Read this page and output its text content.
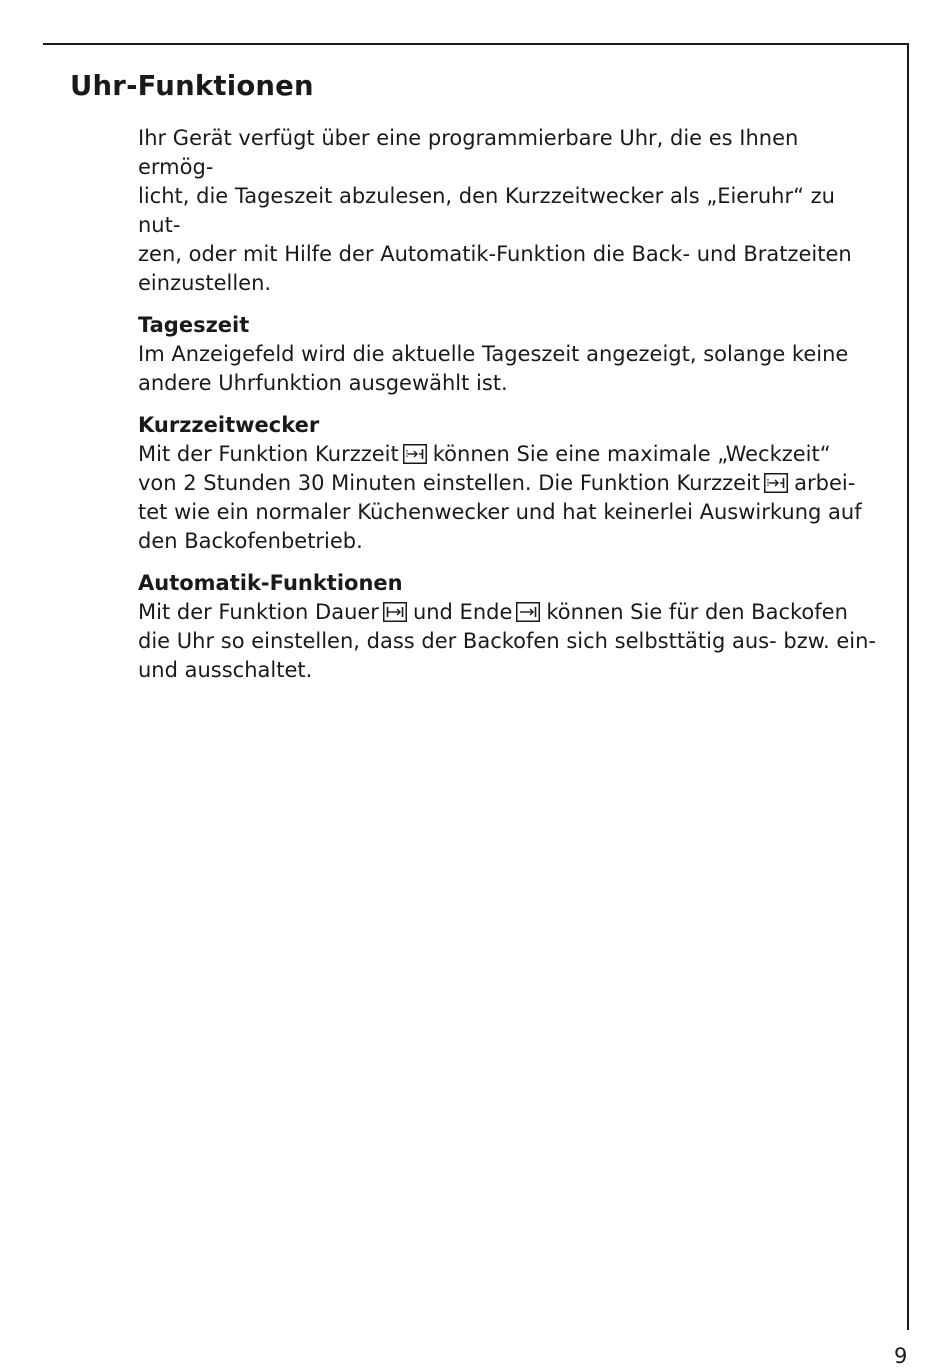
Uhr-Funktionen

Ihr Gerät verfügt über eine programmierbare Uhr, die es Ihnen ermög-
licht, die Tageszeit abzulesen, den Kurzzeitwecker als „Eieruhr“ zu nut-
zen, oder mit Hilfe der Automatik-Funktion die Back- und Bratzeiten
einzustellen.

Tageszeit

Im Anzeigefeld wird die aktuelle Tageszeit angezeigt, solange keine
andere Uhrfunktion ausgewählt ist.

Kurzzeitwecker

Mit der Funktion Kurzzeit können Sie eine maximale „Weckzeit“
von 2 Stunden 30 Minuten einstellen. Die Funktion Kurzzeit arbei-
tet wie ein normaler Küchenwecker und hat keinerlei Auswirkung auf
den Backofenbetrieb.

Automatik-Funktionen

Mit der Funktion Dauer und Ende können Sie für den Backofen
die Uhr so einstellen, dass der Backofen sich selbsttätig aus- bzw. ein-
und ausschaltet.

9
